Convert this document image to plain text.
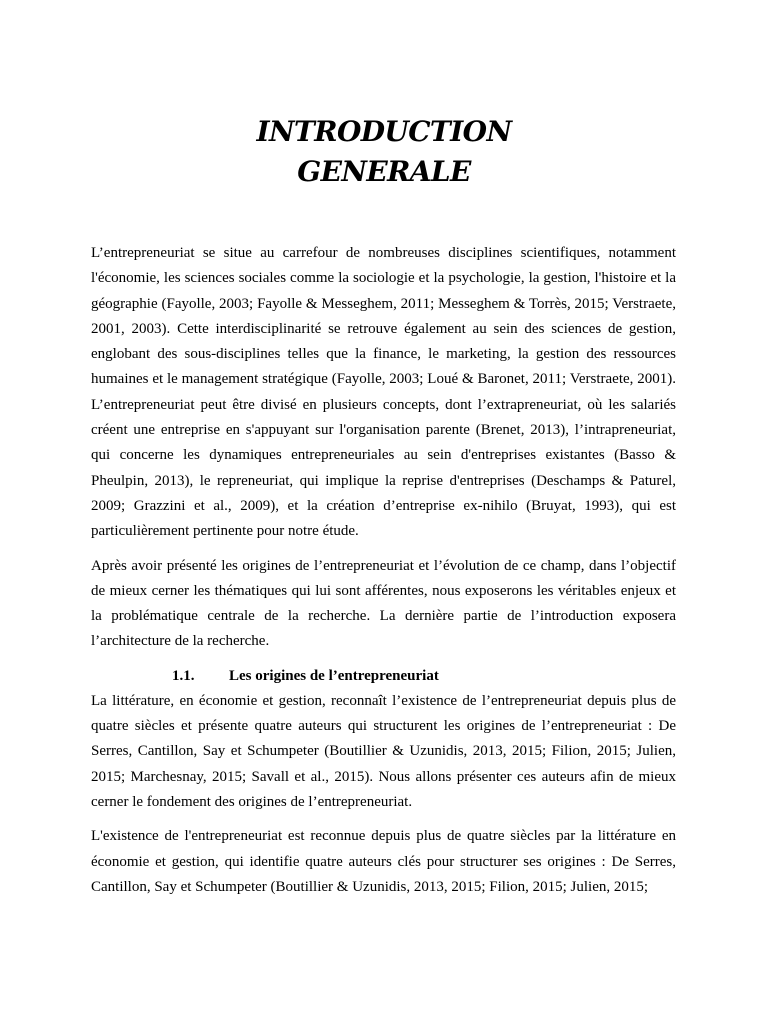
INTRODUCTION
GENERALE

L’entrepreneuriat se situe au carrefour de nombreuses disciplines scientifiques, notamment l'économie, les sciences sociales comme la sociologie et la psychologie, la gestion, l'histoire et la géographie (Fayolle, 2003; Fayolle & Messeghem, 2011; Messeghem & Torrès, 2015; Verstraete, 2001, 2003). Cette interdisciplinarité se retrouve également au sein des sciences de gestion, englobant des sous-disciplines telles que la finance, le marketing, la gestion des ressources humaines et le management stratégique (Fayolle, 2003; Loué & Baronet, 2011; Verstraete, 2001). L’entrepreneuriat peut être divisé en plusieurs concepts, dont l’extrapreneuriat, où les salariés créent une entreprise en s'appuyant sur l'organisation parente (Brenet, 2013), l’intrapreneuriat, qui concerne les dynamiques entrepreneuriales au sein d'entreprises existantes (Basso & Pheulpin, 2013), le repreneuriat, qui implique la reprise d'entreprises (Deschamps & Paturel, 2009; Grazzini et al., 2009), et la création d’entreprise ex-nihilo (Bruyat, 1993), qui est particulièrement pertinente pour notre étude.

Après avoir présenté les origines de l’entrepreneuriat et l’évolution de ce champ, dans l’objectif de mieux cerner les thématiques qui lui sont afférentes, nous exposerons les véritables enjeux et la problématique centrale de la recherche. La dernière partie de l’introduction exposera l’architecture de la recherche.

1.1. Les origines de l’entrepreneuriat

La littérature, en économie et gestion, reconnaît l’existence de l’entrepreneuriat depuis plus de quatre siècles et présente quatre auteurs qui structurent les origines de l’entrepreneuriat : De Serres, Cantillon, Say et Schumpeter (Boutillier & Uzunidis, 2013, 2015; Filion, 2015; Julien, 2015; Marchesnay, 2015; Savall et al., 2015). Nous allons présenter ces auteurs afin de mieux cerner le fondement des origines de l’entrepreneuriat.

L'existence de l'entrepreneuriat est reconnue depuis plus de quatre siècles par la littérature en économie et gestion, qui identifie quatre auteurs clés pour structurer ses origines : De Serres, Cantillon, Say et Schumpeter (Boutillier & Uzunidis, 2013, 2015; Filion, 2015; Julien, 2015;
